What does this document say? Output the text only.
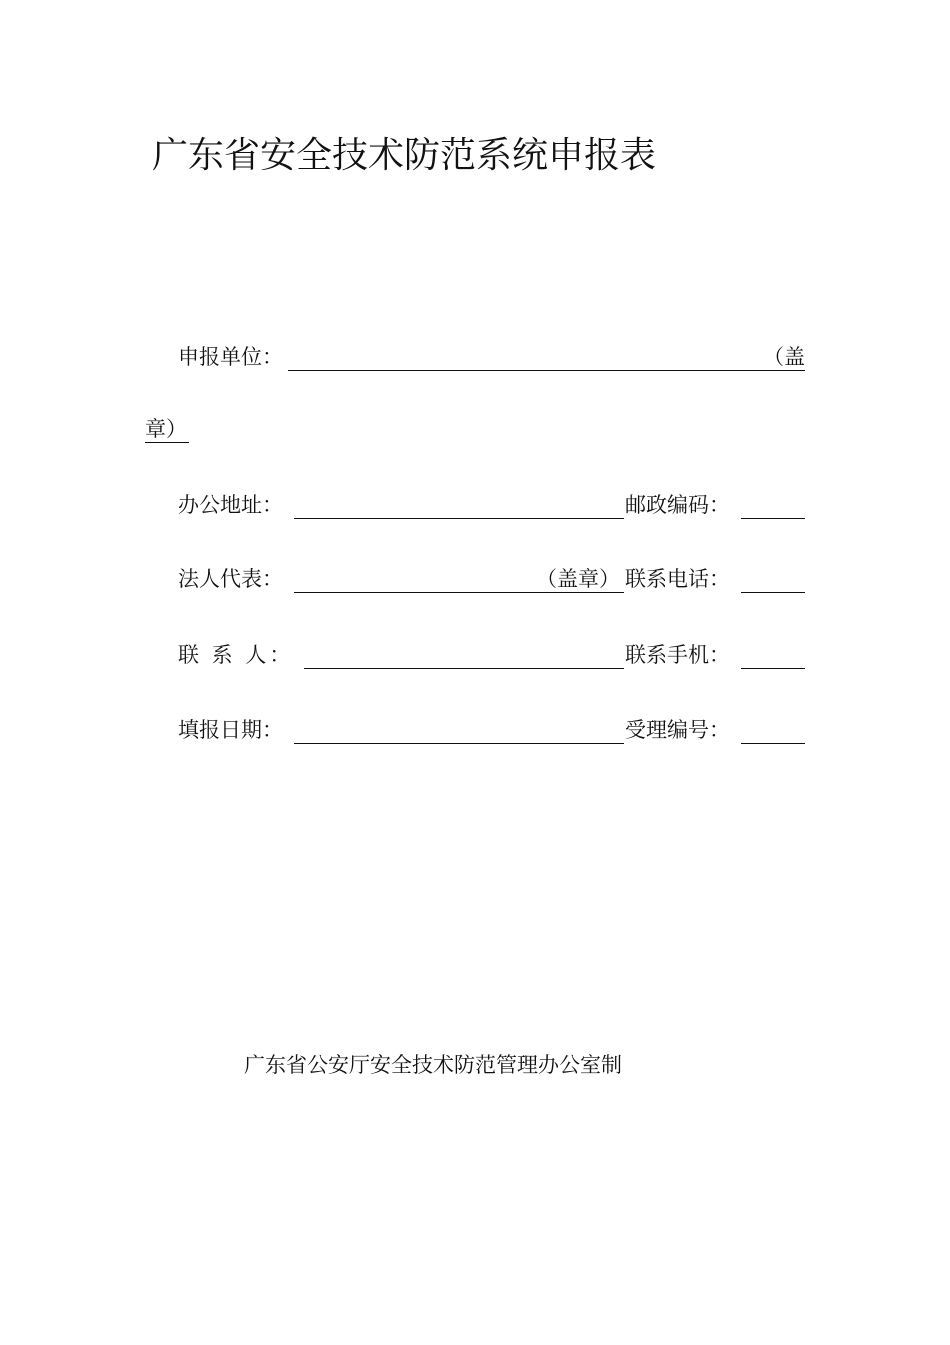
广东省安全技术防范系统申报表
申报单位：	（盖
章）
办公地址：	邮政编码：
法人代表：	（盖章） 联系电话：
联 系 人：	联系手机：
填报日期：	受理编号：
广东省公安厅安全技术防范管理办公室制
